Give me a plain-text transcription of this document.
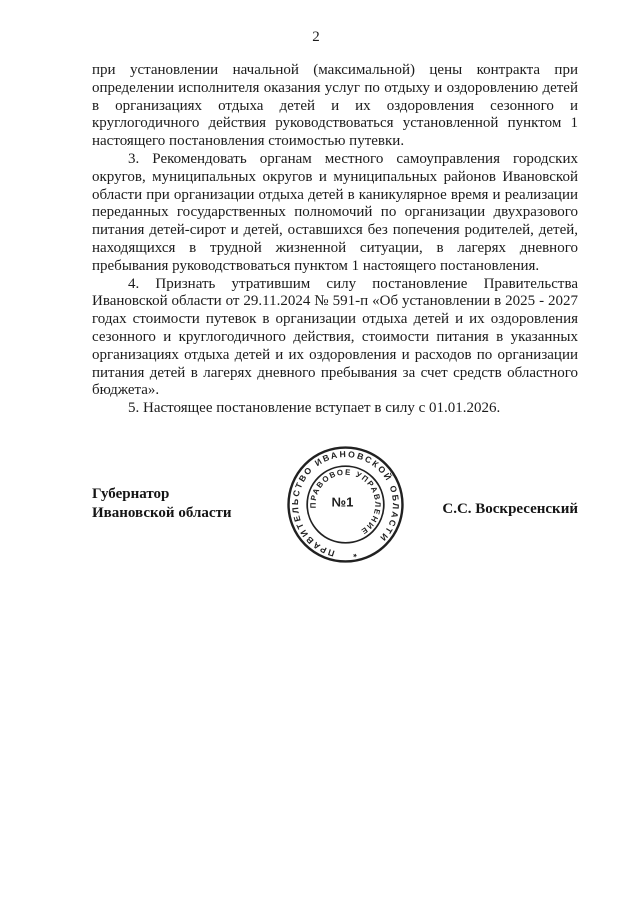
2

при установлении начальной (максимальной) цены контракта при определении исполнителя оказания услуг по отдыху и оздоровлению детей в организациях отдыха детей и их оздоровления сезонного и круглогодичного действия руководствоваться установленной пунктом 1 настоящего постановления стоимостью путевки.

3. Рекомендовать органам местного самоуправления городских округов, муниципальных округов и муниципальных районов Ивановской области при организации отдыха детей в каникулярное время и реализации переданных государственных полномочий по организации двухразового питания детей-сирот и детей, оставшихся без попечения родителей, детей, находящихся в трудной жизненной ситуации, в лагерях дневного пребывания руководствоваться пунктом 1 настоящего постановления.

4. Признать утратившим силу постановление Правительства Ивановской области от 29.11.2024 № 591-п «Об установлении в 2025 - 2027 годах стоимости путевок в организации отдыха детей и их оздоровления сезонного и круглогодичного действия, стоимости питания в указанных организациях отдыха детей и их оздоровления и расходов по организации питания детей в лагерях дневного пребывания за счет средств областного бюджета».

5. Настоящее постановление вступает в силу с 01.01.2026.

Губернатор
Ивановской области	С.С. Воскресенский
ПРАВИТЕЛЬСТВО ИВАНОВСКОЙ ОБЛАСТИ
*
ПРАВОВОЕ УПРАВЛЕНИЕ
№1
